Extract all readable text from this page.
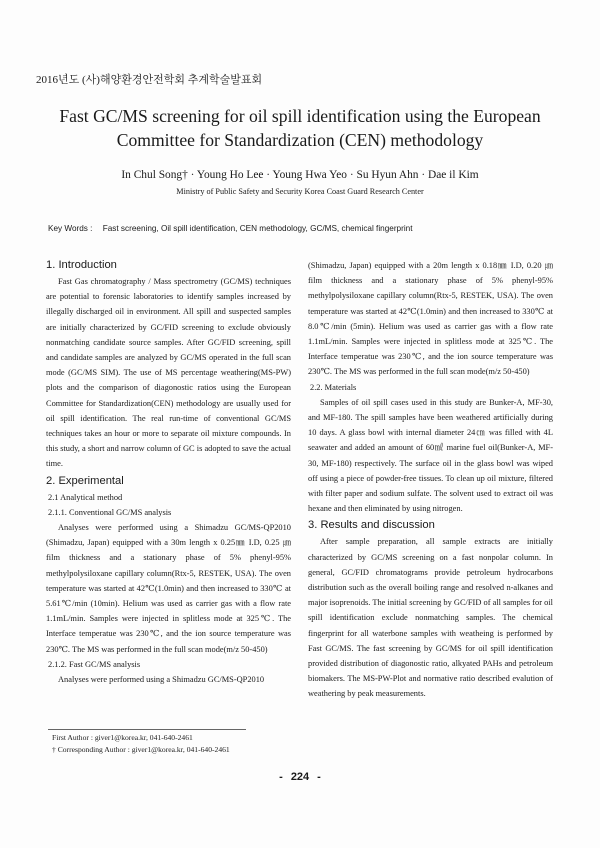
2016년도 (사)해양환경안전학회 추계학술발표회
Fast GC/MS screening for oil spill identification using the European
Committee for Standardization (CEN) methodology
In Chul Song† · Young Ho Lee · Young Hwa Yeo · Su Hyun Ahn · Dae il Kim
Ministry of Public Safety and Security Korea Coast Guard Research Center
Key Words : Fast screening, Oil spill identification, CEN methodology, GC/MS, chemical fingerprint
1. Introduction

Fast Gas chromatography / Mass spectrometry (GC/MS) techniques are potential to forensic laboratories to identify samples increased by illegally discharged oil in environment. All spill and suspected samples are initially characterized by GC/FID screening to exclude obviously nonmatching candidate source samples. After GC/FID screening, spill and candidate samples are analyzed by GC/MS operated in the full scan mode (GC/MS SIM). The use of MS percentage weathering(MS-PW) plots and the comparison of diagonostic ratios using the European Committee for Standardization(CEN) methodology are usually used for oil spill identification. The real run-time of conventional GC/MS techniques takes an hour or more to separate oil mixture compounds. In this study, a short and narrow column of GC is adopted to save the actual time.

2. Experimental
2.1 Analytical method
2.1.1. Conventional GC/MS analysis

Analyses were performed using a Shimadzu GC/MS-QP2010 (Shimadzu, Japan) equipped with a 30m length x 0.25㎜ I.D, 0.25 ㎛ film thickness and a stationary phase of 5% phenyl-95% methylpolysiloxane capillary column(Rtx-5, RESTEK, USA). The oven temperature was started at 42℃(1.0min) and then increased to 330℃ at 5.61℃/min (10min). Helium was used as carrier gas with a flow rate 1.1mL/min. Samples were injected in splitless mode at 325℃. The Interface temperatue was 230℃, and the ion source temperature was 230℃. The MS was performed in the full scan mode(m/z 50-450)

2.1.2. Fast GC/MS analysis

Analyses were performed using a Shimadzu GC/MS-QP2010

(Shimadzu, Japan) equipped with a 20m length x 0.18㎜ I.D, 0.20 ㎛ film thickness and a stationary phase of 5% phenyl-95% methylpolysiloxane capillary column(Rtx-5, RESTEK, USA). The oven temperature was started at 42℃(1.0min) and then increased to 330℃ at 8.0℃/min (5min). Helium was used as carrier gas with a flow rate 1.1mL/min. Samples were injected in splitless mode at 325℃. The Interface temperatue was 230℃, and the ion source temperature was 230℃. The MS was performed in the full scan mode(m/z 50-450)

2.2. Materials

Samples of oil spill cases used in this study are Bunker-A, MF-30, and MF-180. The spill samples have been weathered artificially during 10 days. A glass bowl with internal diameter 24㎝ was filled with 4L seawater and added an amount of 60㎖ marine fuel oil(Bunker-A, MF-30, MF-180) respectively. The surface oil in the glass bowl was wiped off using a piece of powder-free tissues. To clean up oil mixture, filtered with filter paper and sodium sulfate. The solvent used to extract oil was hexane and then eliminated by using nitrogen.

3. Results and discussion

After sample preparation, all sample extracts are initially characterized by GC/MS screening on a fast nonpolar column. In general, GC/FID chromatograms provide petroleum hydrocarbons distribution such as the overall boiling range and resolved n-alkanes and major isoprenoids. The initial screening by GC/FID of all samples for oil spill identification exclude nonmatching samples. The chemical fingerprint for all waterbone samples with weatheing is performed by Fast GC/MS. The fast screening by GC/MS for oil spill identification provided distribution of diagonostic ratio, alkyated PAHs and petroleum biomakers. The MS-PW-Plot and normative ratio described evalution of weathering by peak measurements.

First Author : giver1@korea.kr, 041-640-2461
† Corresponding Author : giver1@korea.kr, 041-640-2461
- 224 -
